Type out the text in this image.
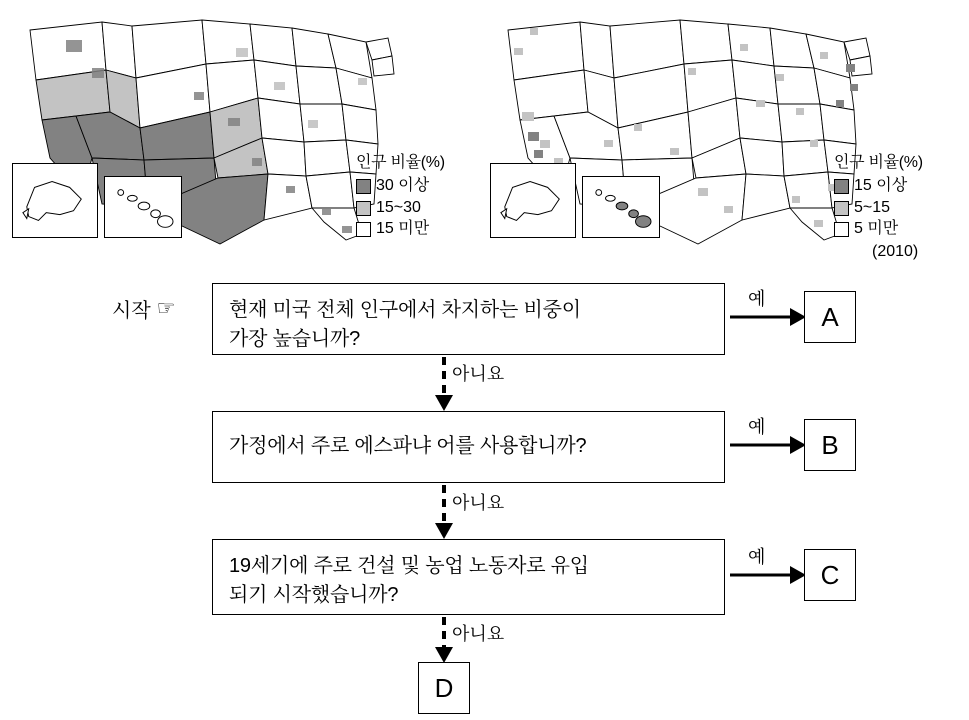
인구 비율(%)
30 이상
15~30
15 미만
인구 비율(%)
15 이상
5~15
5 미만
(2010)
시작 ☞	현재 미국 전체 인구에서 차지하는 비중이
가장 높습니까?
가정에서 주로 에스파냐 어를 사용합니까?
19세기에 주로 건설 및 농업 노동자로 유입
되기 시작했습니까?
예
예
예
아니요
아니요
아니요
A
B
C
D
